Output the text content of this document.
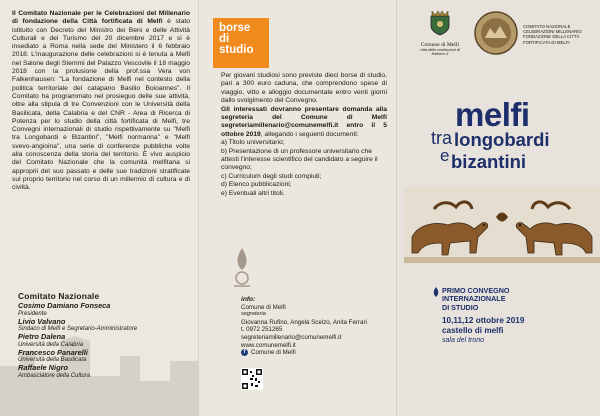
Il Comitato Nazionale per le Celebrazioni del Millenario di fondazione della Città fortificata di Melfi è stato istituito con Decreto del Ministro dei Beni e delle Attività Culturali e del Turismo del 20 dicembre 2017 e si è insediato a Roma nella sede del Ministero il 6 febbraio 2018. L'inaugurazione delle celebrazioni si è tenuta a Melfi nel Salone degli Stemmi del Palazzo Vescovile il 18 maggio 2018 con la prolusione della prof.ssa Vera von Falkenhausen: "La fondazione di Melfi nel contesto della politica territoriale del catapano Basilio Boioannes". Il Comitato ha programmato nel prosieguo delle sue attività, oltre alla stipula di tre Convenzioni con le Università della Basilicata, della Calabria e del CNR - Area di Ricerca di Potenza per lo studio della città fortificata di Melfi, tre Convegni internazionali di studio rispettivamente su "Melfi tra Longobardi e Bizantini", "Melfi normanna" e "Melfi svevo-angioina", una serie di conferenze pubbliche volte alla conoscenza della storia del territorio. È vivo auspicio del Comitato Nazionale che la comunità melfitana si approprii del suo passato e delle sue tradizioni stratificate sul proprio territorio nel corso di un millennio di cultura e di civiltà.
Comitato Nazionale
Cosimo Damiano Fonseca
Presidente
Livio Valvano
Sindaco di Melfi e Segretario-Amministratore
Pietro Dalena
Università della Calabria
Francesco Panarelli
Università della Basilicata
Raffaele Nigro
Ambasciatore della Cultura

Per giovani studiosi sono previste dieci borse di studio, pari a 300 euro caduna, che comprendono spese di viaggio, vitto e alloggio documentate entro venti giorni dallo svolgimento del Convegno.

Gli interessati dovranno presentare domanda alla segreteria del Comune di Melfi segreteriamillenario@comunemelfi.it entro il 5 ottobre 2019, allegando i seguenti documenti:

a) Titolo universitario;
b) Presentazione di un professore universitario che attesti l'interesse scientifico del candidato a seguire il convegno;
c) Curriculum degli studi compiuti;
d) Elenco pubblicazioni;
e) Eventuali altri titoli.
info:
Comune di Melfi
segreteria
Giovanna Rufino, Angela Scelzo, Anita Ferrari
t. 0972 251265
segreteriamillenario@comunemelfi.it
www.comunemelfi.it
f Comune di Melfi
borse
di
studio	Comune di Melfi
città delle costituzioni di federico II
COMITATO NAZIONALE CELEBRAZIONI MILLENARIO FONDAZIONE DELLA CITTÀ FORTIFICATA DI MELFI
melfi
tra longobardi
e bizantini
PRIMO CONVEGNO
INTERNAZIONALE
DI STUDIO
10,11,12 ottobre 2019
castello di melfi
sala del trono
